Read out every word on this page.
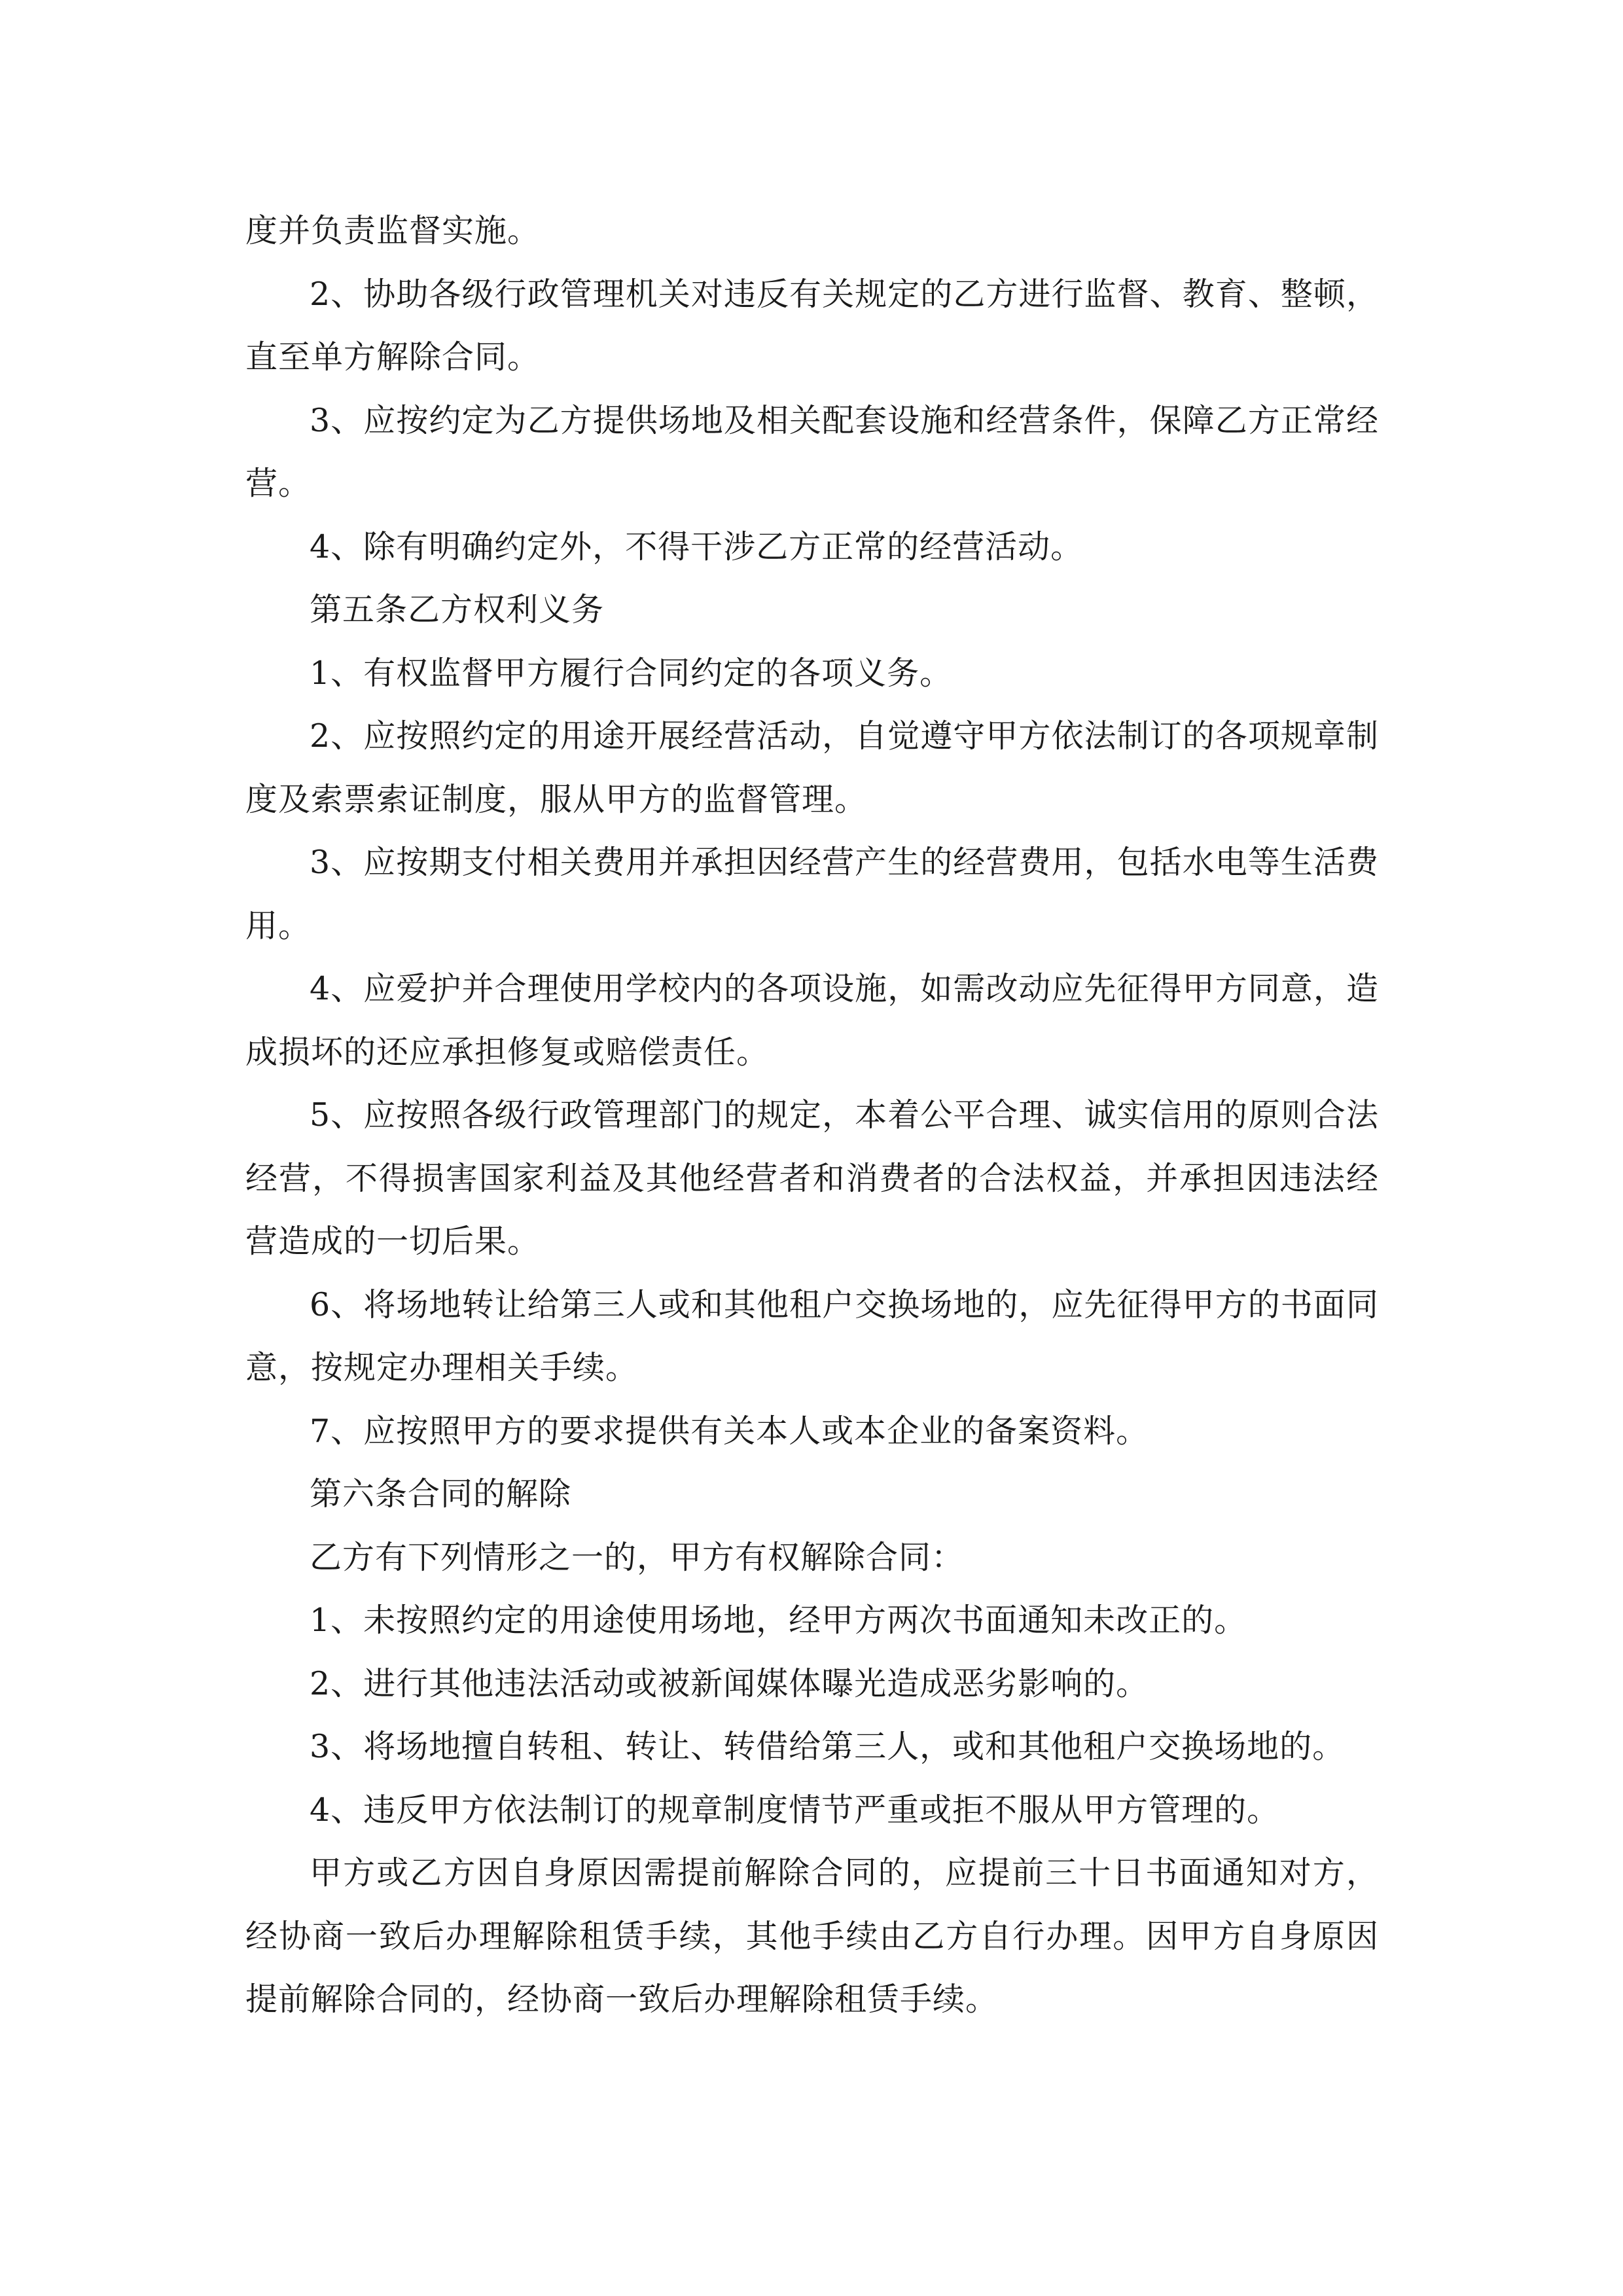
度并负责监督实施。

2、协助各级行政管理机关对违反有关规定的乙方进行监督、教育、整顿，直至单方解除合同。

3、应按约定为乙方提供场地及相关配套设施和经营条件，保障乙方正常经营。

4、除有明确约定外，不得干涉乙方正常的经营活动。

第五条乙方权利义务

1、有权监督甲方履行合同约定的各项义务。

2、应按照约定的用途开展经营活动，自觉遵守甲方依法制订的各项规章制度及索票索证制度，服从甲方的监督管理。

3、应按期支付相关费用并承担因经营产生的经营费用，包括水电等生活费用。

4、应爱护并合理使用学校内的各项设施，如需改动应先征得甲方同意，造成损坏的还应承担修复或赔偿责任。

5、应按照各级行政管理部门的规定，本着公平合理、诚实信用的原则合法经营，不得损害国家利益及其他经营者和消费者的合法权益，并承担因违法经营造成的一切后果。

6、将场地转让给第三人或和其他租户交换场地的，应先征得甲方的书面同意，按规定办理相关手续。

7、应按照甲方的要求提供有关本人或本企业的备案资料。

第六条合同的解除

乙方有下列情形之一的，甲方有权解除合同：

1、未按照约定的用途使用场地，经甲方两次书面通知未改正的。

2、进行其他违法活动或被新闻媒体曝光造成恶劣影响的。

3、将场地擅自转租、转让、转借给第三人，或和其他租户交换场地的。

4、违反甲方依法制订的规章制度情节严重或拒不服从甲方管理的。

甲方或乙方因自身原因需提前解除合同的，应提前三十日书面通知对方，经协商一致后办理解除租赁手续，其他手续由乙方自行办理。因甲方自身原因提前解除合同的，经协商一致后办理解除租赁手续。
